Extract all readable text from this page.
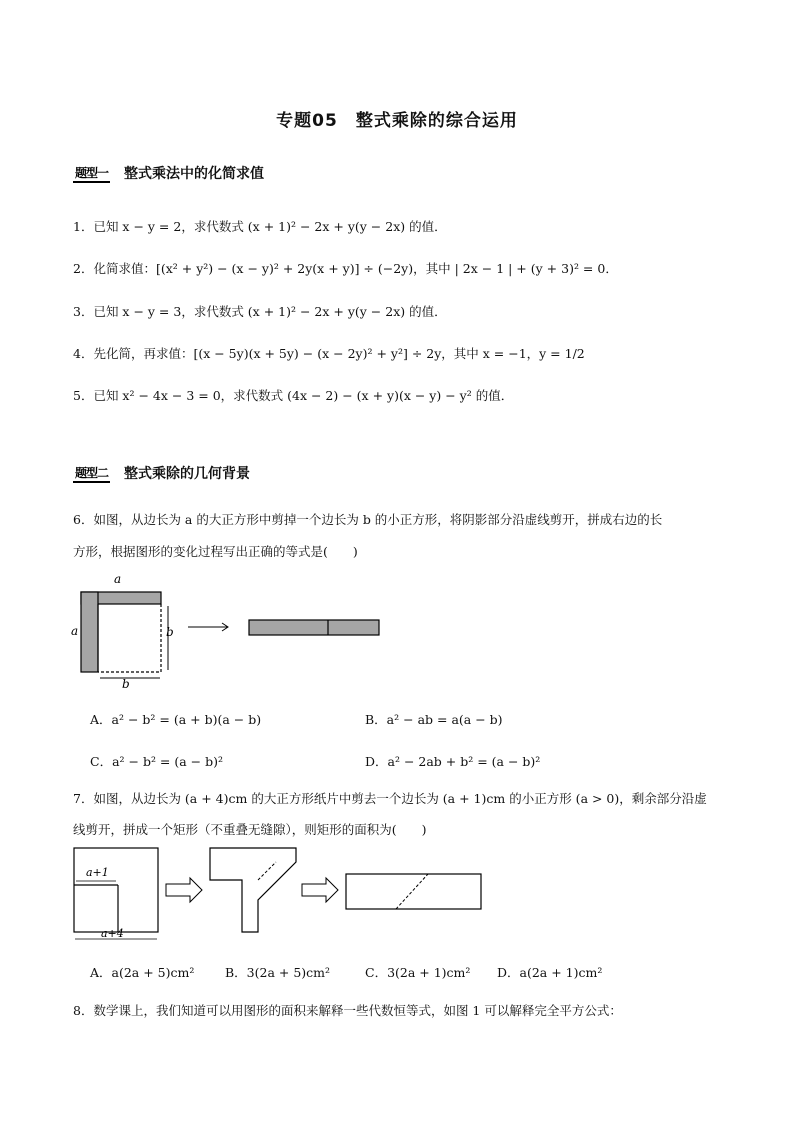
专题05　整式乘除的综合运用
题型一 整式乘法中的化简求值
1．已知 x − y = 2，求代数式 (x + 1)² − 2x + y(y − 2x) 的值．
2．化简求值：[(x² + y²) − (x − y)² + 2y(x + y)] ÷ (−2y)，其中 | 2x − 1 | + (y + 3)² = 0．
3．已知 x − y = 3，求代数式 (x + 1)² − 2x + y(y − 2x) 的值．
4．先化简，再求值：[(x − 5y)(x + 5y) − (x − 2y)² + y²] ÷ 2y，其中 x = −1，y = 1/2
5．已知 x² − 4x − 3 = 0，求代数式 (4x − 2) − (x + y)(x − y) − y² 的值．
题型二 整式乘除的几何背景
6．如图，从边长为 a 的大正方形中剪掉一个边长为 b 的小正方形，将阴影部分沿虚线剪开，拼成右边的长
方形，根据图形的变化过程写出正确的等式是(　　)
a
a	b
b
A．a² − b² = (a + b)(a − b)	B．a² − ab = a(a − b)
C．a² − b² = (a − b)²	D．a² − 2ab + b² = (a − b)²
7．如图，从边长为 (a + 4)cm 的大正方形纸片中剪去一个边长为 (a + 1)cm 的小正方形 (a > 0)，剩余部分沿虚
线剪开，拼成一个矩形（不重叠无缝隙），则矩形的面积为(　　)
a+1
a+4
A．a(2a + 5)cm² B．3(2a + 5)cm²	C．3(2a + 1)cm² D．a(2a + 1)cm²
8．数学课上，我们知道可以用图形的面积来解释一些代数恒等式，如图 1 可以解释完全平方公式：
